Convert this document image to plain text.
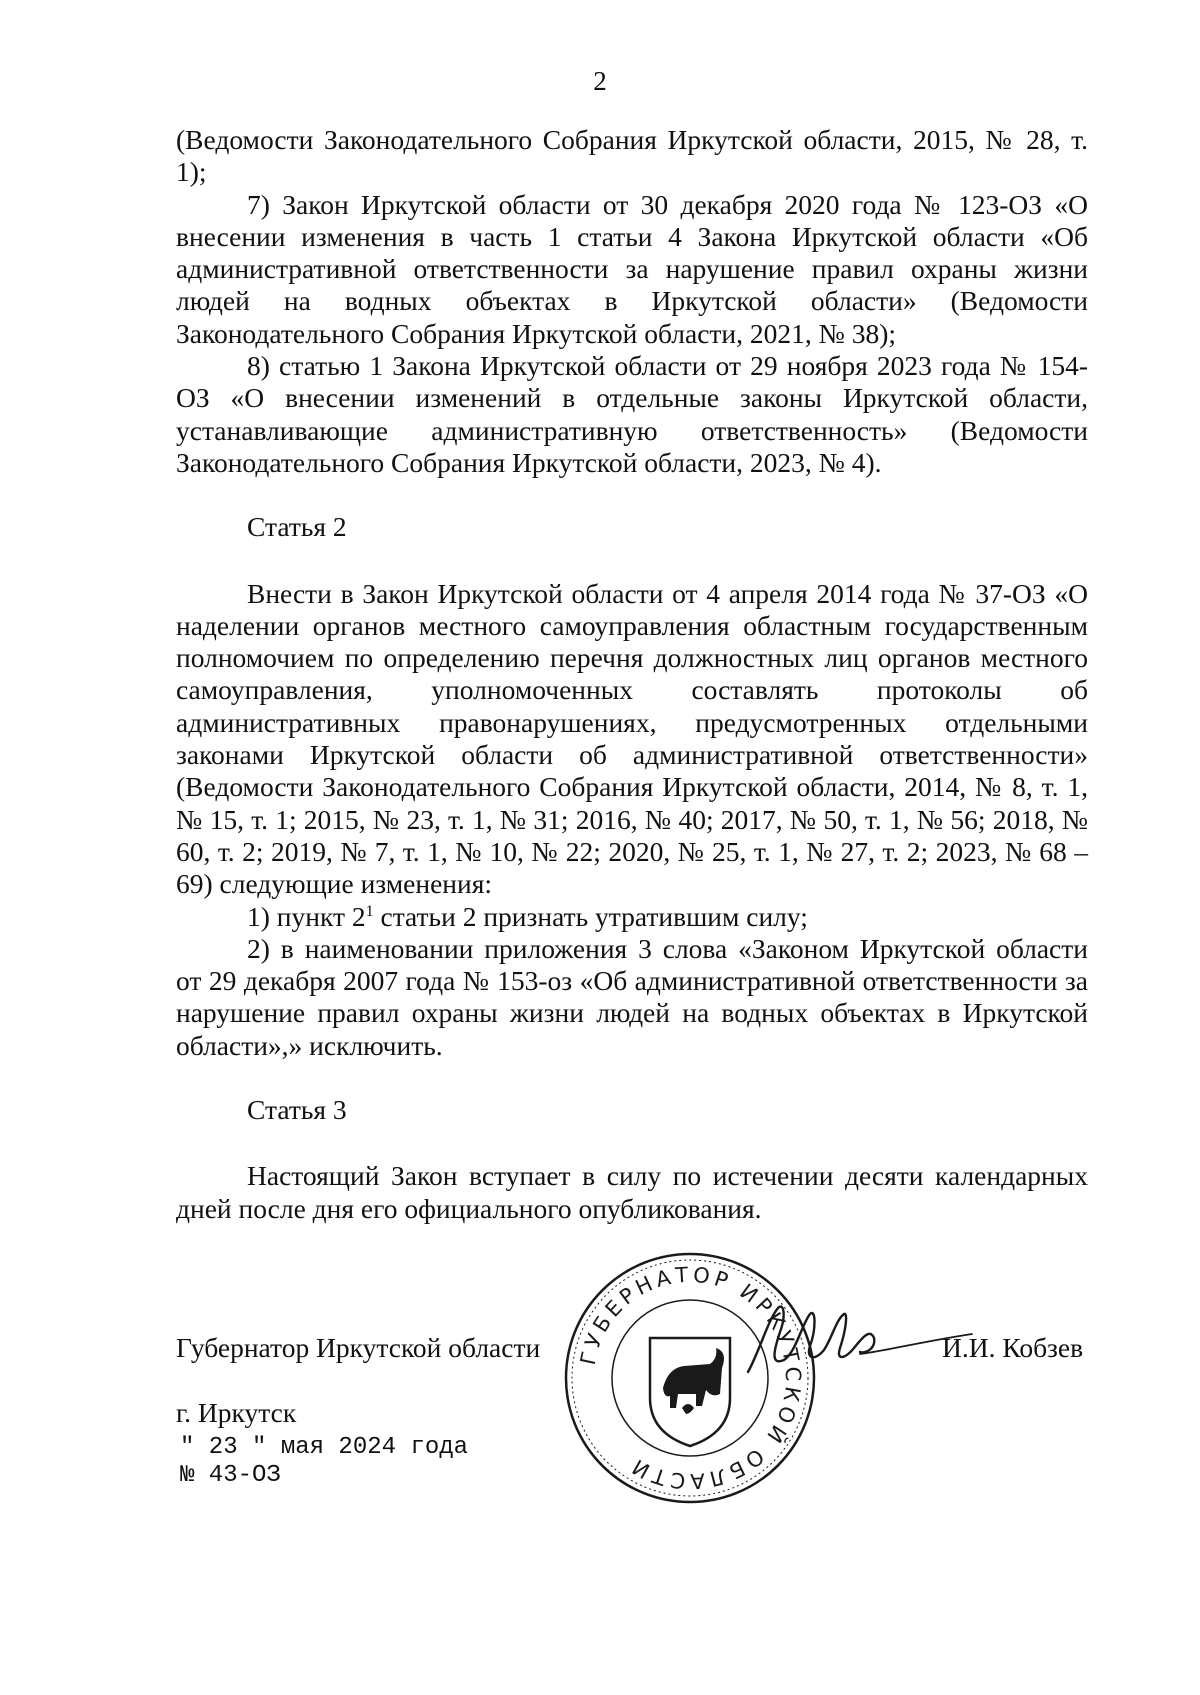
2

(Ведомости Законодательного Собрания Иркутской области, 2015, № 28, т. 1);

7) Закон Иркутской области от 30 декабря 2020 года № 123-ОЗ «О внесении изменения в часть 1 статьи 4 Закона Иркутской области «Об административной ответственности за нарушение правил охраны жизни людей на водных объектах в Иркутской области» (Ведомости Законодательного Собрания Иркутской области, 2021, № 38);

8) статью 1 Закона Иркутской области от 29 ноября 2023 года № 154-ОЗ «О внесении изменений в отдельные законы Иркутской области, устанавливающие административную ответственность» (Ведомости Законодательного Собрания Иркутской области, 2023, № 4).

Статья 2

Внести в Закон Иркутской области от 4 апреля 2014 года № 37-ОЗ «О наделении органов местного самоуправления областным государственным полномочием по определению перечня должностных лиц органов местного самоуправления, уполномоченных составлять протоколы об административных правонарушениях, предусмотренных отдельными законами Иркутской области об административной ответственности» (Ведомости Законодательного Собрания Иркутской области, 2014, № 8, т. 1, № 15, т. 1; 2015, № 23, т. 1, № 31; 2016, № 40; 2017, № 50, т. 1, № 56; 2018, № 60, т. 2; 2019, № 7, т. 1, № 10, № 22; 2020, № 25, т. 1, № 27, т. 2; 2023, № 68 – 69) следующие изменения:

1) пункт $2^1$ статьи 2 признать утратившим силу;

2) в наименовании приложения 3 слова «Законом Иркутской области от 29 декабря 2007 года № 153-оз «Об административной ответственности за нарушение правил охраны жизни людей на водных объектах в Иркутской области»,» исключить.

Статья 3

Настоящий Закон вступает в силу по истечении десяти календарных дней после дня его официального опубликования.

Губернатор Иркутской области	И.И. Кобзев
г. Иркутск
" 23 " мая 2024 года
№ 43-ОЗ
ГУБЕРНАТОР ИРКУТСКОЙ ОБЛАСТИ
